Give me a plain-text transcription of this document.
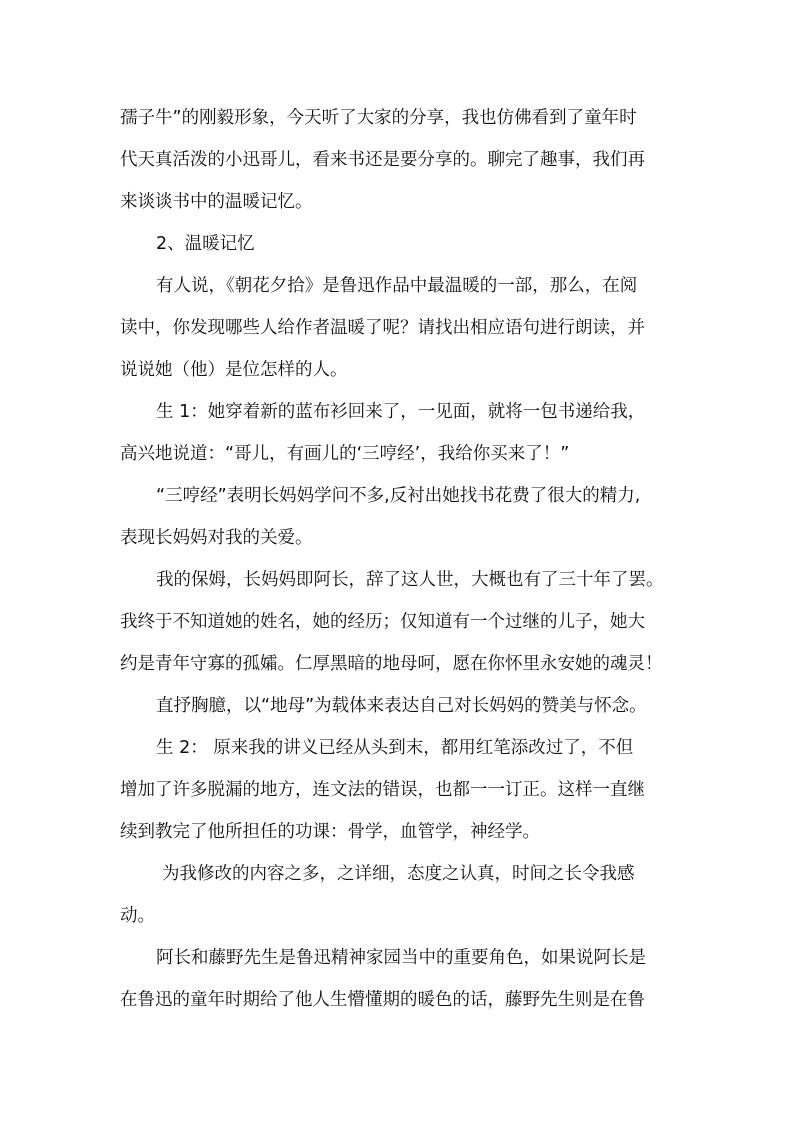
孺子牛”的刚毅形象，今天听了大家的分享，我也仿佛看到了童年时
代天真活泼的小迅哥儿，看来书还是要分享的。聊完了趣事，我们再
来谈谈书中的温暖记忆。
2、温暖记忆
有人说，《朝花夕拾》是鲁迅作品中最温暖的一部，那么，在阅
读中，你发现哪些人给作者温暖了呢？请找出相应语句进行朗读，并
说说她（他）是位怎样的人。
生 1：她穿着新的蓝布衫回来了，一见面，就将一包书递给我，
高兴地说道：“哥儿，有画儿的‘三哼经’，我给你买来了！”
“三哼经”表明长妈妈学问不多,反衬出她找书花费了很大的精力,
表现长妈妈对我的关爱。
我的保姆，长妈妈即阿长，辞了这人世，大概也有了三十年了罢。
我终于不知道她的姓名，她的经历；仅知道有一个过继的儿子，她大
约是青年守寡的孤孀。仁厚黑暗的地母呵，愿在你怀里永安她的魂灵！
直抒胸臆，以“地母”为载体来表达自己对长妈妈的赞美与怀念。
生 2： 原来我的讲义已经从头到末，都用红笔添改过了，不但
增加了许多脱漏的地方，连文法的错误，也都一一订正。这样一直继
续到教完了他所担任的功课：骨学，血管学，神经学。
为我修改的内容之多，之详细，态度之认真，时间之长令我感
动。
阿长和藤野先生是鲁迅精神家园当中的重要角色，如果说阿长是
在鲁迅的童年时期给了他人生懵懂期的暖色的话，藤野先生则是在鲁
